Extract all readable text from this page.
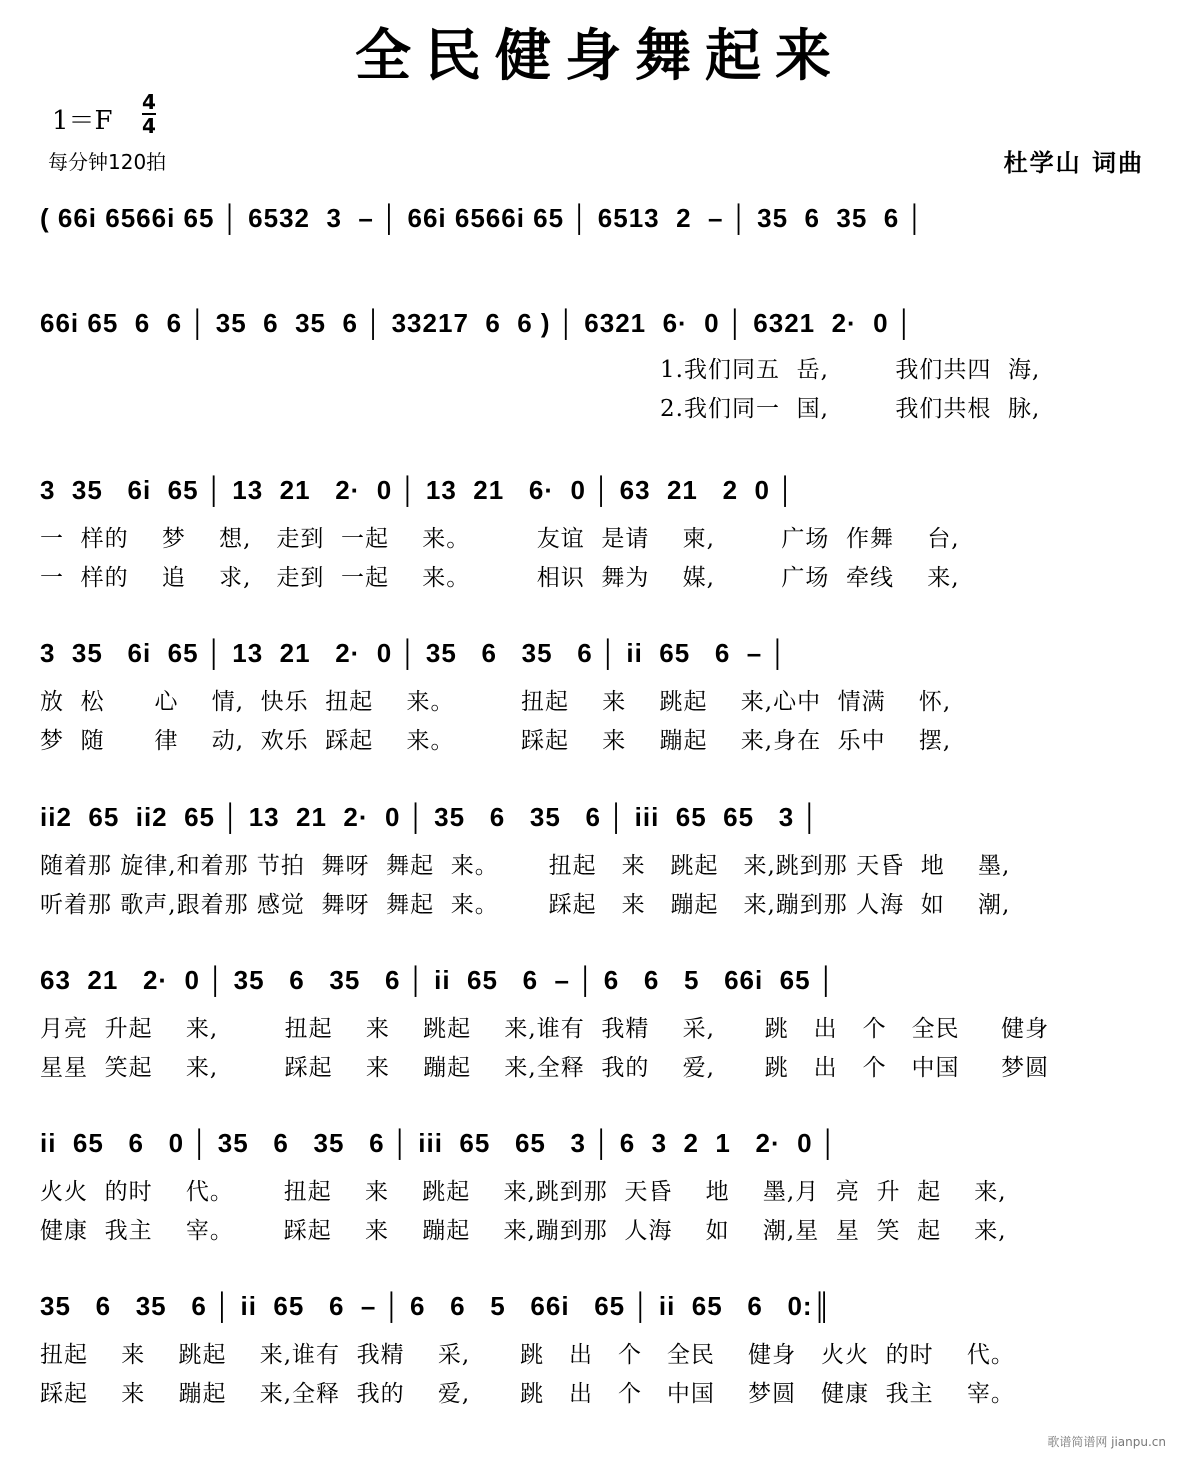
全民健身舞起来
1＝F
4
4
每分钟120拍	杜学山 词曲
( 66i 6566i 65 │ 6532  3  – │ 66i 6566i 65 │ 6513  2  – │ 35  6  35  6 │
66i 65  6  6 │ 35  6  35  6 │ 33217  6  6 ) │ 6321  6·  0 │ 6321  2·  0 │
1.我们同五  岳,        我们共四  海,
2.我们同一  国,        我们共根  脉,
3  35   6i  65 │ 13  21   2·  0 │ 13  21   6·  0 │ 63  21   2  0 │
一  样的    梦    想,   走到  一起    来。        友谊  是请    柬,        广场  作舞    台,
一  样的    追    求,   走到  一起    来。        相识  舞为    媒,        广场  牵线    来,
3  35   6i  65 │ 13  21   2·  0 │ 35   6   35   6 │ ii  65   6  – │
放  松      心    情,  快乐  扭起    来。        扭起    来    跳起    来,心中  情满    怀,
梦  随      律    动,  欢乐  踩起    来。        踩起    来    蹦起    来,身在  乐中    摆,
ii2  65  ii2  65 │ 13  21  2·  0 │ 35   6   35   6 │ iii  65  65   3 │
随着那 旋律,和着那 节拍  舞呀  舞起  来。      扭起   来   跳起   来,跳到那 天昏  地    墨,
听着那 歌声,跟着那 感觉  舞呀  舞起  来。      踩起   来   蹦起   来,蹦到那 人海  如    潮,
63  21   2·  0 │ 35   6   35   6 │ ii  65   6  – │ 6   6   5   66i  65 │
月亮  升起    来,        扭起    来    跳起    来,谁有  我精    采,      跳   出   个   全民     健身
星星  笑起    来,        踩起    来    蹦起    来,全释  我的    爱,      跳   出   个   中国     梦圆
ii  65   6   0 │ 35   6   35   6 │ iii  65   65   3 │ 6  3  2  1   2·  0 │
火火  的时    代。      扭起    来    跳起    来,跳到那  天昏    地    墨,月  亮  升  起    来,
健康  我主    宰。      踩起    来    蹦起    来,蹦到那  人海    如    潮,星  星  笑  起    来,
35   6   35   6 │ ii  65   6  – │ 6   6   5   66i   65 │ ii  65   6   0:║
扭起    来    跳起    来,谁有  我精    采,      跳   出   个   全民    健身   火火  的时    代。
踩起    来    蹦起    来,全释  我的    爱,      跳   出   个   中国    梦圆   健康  我主    宰。
歌谱简谱网 jianpu.cn
